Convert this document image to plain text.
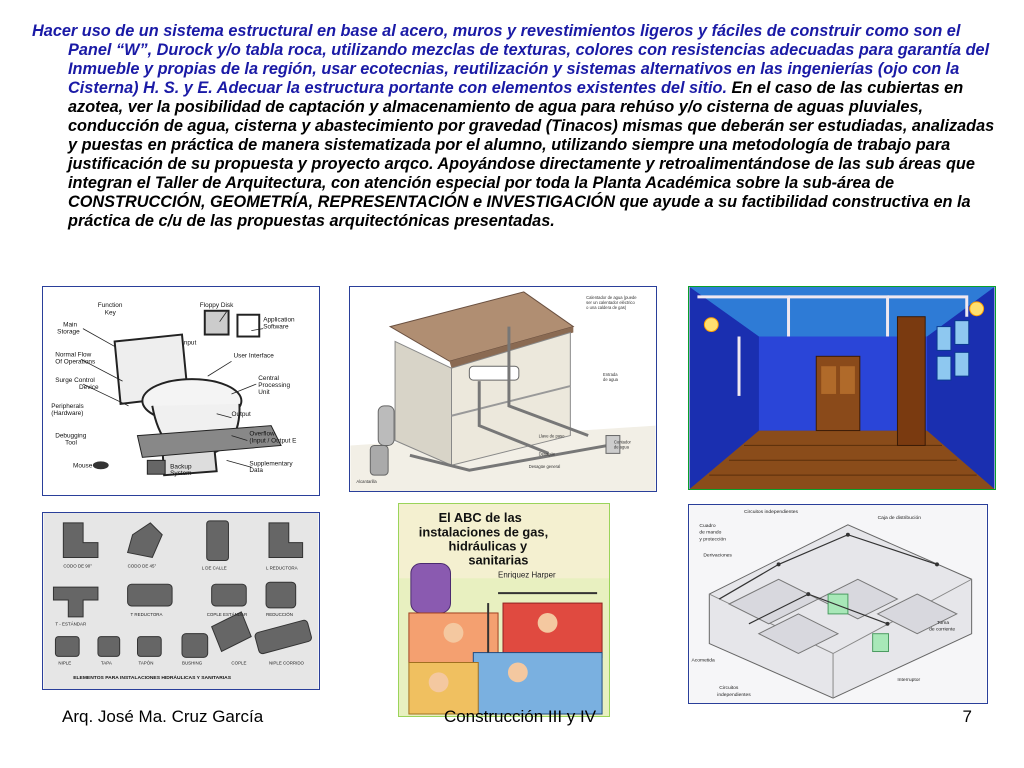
Hacer uso de un sistema estructural en base al acero, muros y revestimientos ligeros y fáciles de construir como son el Panel “W”, Durock y/o tabla roca, utilizando mezclas de texturas, colores con resistencias adecuadas para garantía del Inmueble y propias de la región, usar ecotecnias, reutilización y sistemas alternativos en las ingenierías (ojo con la Cisterna) H. S. y E. Adecuar la estructura portante con elementos existentes del sitio. En el caso de las cubiertas en azotea, ver la posibilidad de captación y almacenamiento de agua para rehúso y/o cisterna de aguas pluviales, conducción de agua, cisterna y abastecimiento por gravedad (Tinacos) mismas que deberán ser estudiadas, analizadas y puestas en práctica de manera sistematizada por el alumno, utilizando siempre una metodología de trabajo para justificación de su propuesta y proyecto arqco. Apoyándose directamente y retroalimentándose de las sub áreas que integran el Taller de Arquitectura, con atención especial por toda la Planta Académica sobre la sub-área de CONSTRUCCIÓN, GEOMETRÍA, REPRESENTACIÓN e INVESTIGACIÓN que ayude a su factibilidad constructiva en la práctica de c/u de las propuestas arquitectónicas presentadas.
Function
Key
Floppy Disk
Application
Software
Main
Storage
Input
User Interface
Normal Flow
Of Operations
Surge Control
Device
Central
Processing
Unit
Peripherals
(Hardware)	Output
Debugging
Tool
Overflow
(Input / Output E
Mouse	Backup
System
Supplementary
Data
Calentador de agua (puede
ser un calentador eléctrico
o una caldera de gas)
Entrada
de agua
Contador
de agua
Llave de paso
Desagüe
Desagüe general
Alcantarilla
CODO DE 90°	CODO DE 45°	L DE CALLE	L REDUCTORA
T - ESTÁNDAR
T REDUCTORA	COPLE ESTÁNDAR	REDUCCIÓN
NIPLE	TAPA	TAPÓN	BUSHING	COPLE	NIPLE CORRIDO
ELEMENTOS PARA INSTALACIONES HIDRÁULICAS Y SANITARIAS
El ABC de las
instalaciones de gas,
hidráulicas y
sanitarias
Enriquez Harper
Circuitos independientes
Caja de distribución
Cuadro
de mando
y protección
Derivaciones
Toma
de corriente
Acometida
Interruptor
Circuitos
independientes
Arq. José Ma. Cruz García	Construcción III y IV	7
